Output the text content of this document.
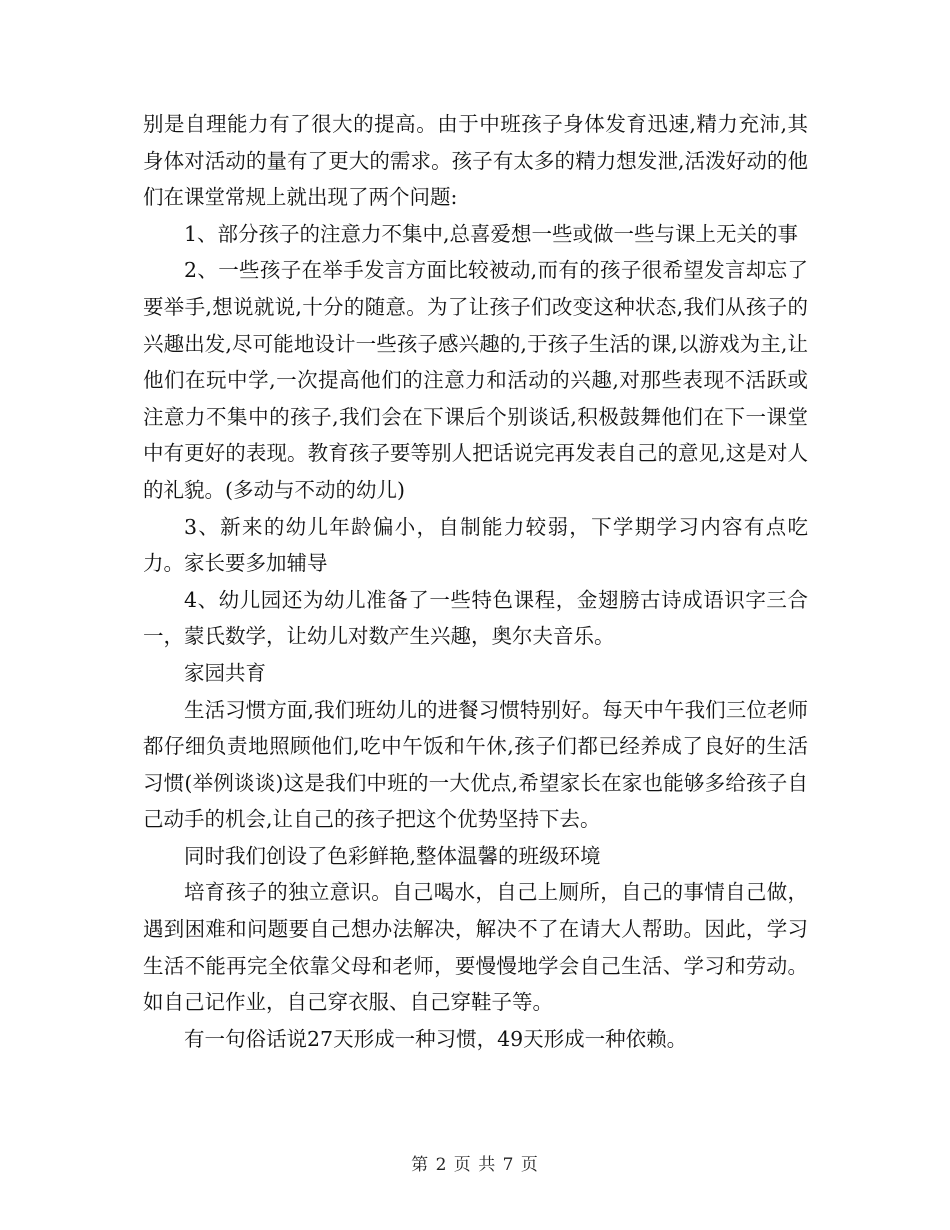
别是自理能力有了很大的提高。由于中班孩子身体发育迅速,精力充沛,其身体对活动的量有了更大的需求。孩子有太多的精力想发泄,活泼好动的他们在课堂常规上就出现了两个问题:

1、部分孩子的注意力不集中,总喜爱想一些或做一些与课上无关的事

2、一些孩子在举手发言方面比较被动,而有的孩子很希望发言却忘了要举手,想说就说,十分的随意。为了让孩子们改变这种状态,我们从孩子的兴趣出发,尽可能地设计一些孩子感兴趣的,于孩子生活的课,以游戏为主,让他们在玩中学,一次提高他们的注意力和活动的兴趣,对那些表现不活跃或注意力不集中的孩子,我们会在下课后个别谈话,积极鼓舞他们在下一课堂中有更好的表现。教育孩子要等别人把话说完再发表自己的意见,这是对人的礼貌。(多动与不动的幼儿)

3、新来的幼儿年龄偏小，自制能力较弱，下学期学习内容有点吃力。家长要多加辅导

4、幼儿园还为幼儿准备了一些特色课程，金翅膀古诗成语识字三合一，蒙氏数学，让幼儿对数产生兴趣，奥尔夫音乐。

家园共育

生活习惯方面,我们班幼儿的进餐习惯特别好。每天中午我们三位老师都仔细负责地照顾他们,吃中午饭和午休,孩子们都已经养成了良好的生活习惯(举例谈谈)这是我们中班的一大优点,希望家长在家也能够多给孩子自己动手的机会,让自己的孩子把这个优势坚持下去。

同时我们创设了色彩鲜艳,整体温馨的班级环境

培育孩子的独立意识。自己喝水，自己上厕所，自己的事情自己做，遇到困难和问题要自己想办法解决，解决不了在请大人帮助。因此，学习生活不能再完全依靠父母和老师，要慢慢地学会自己生活、学习和劳动。如自己记作业，自己穿衣服、自己穿鞋子等。

有一句俗话说27天形成一种习惯，49天形成一种依赖。

第 2 页 共 7 页
